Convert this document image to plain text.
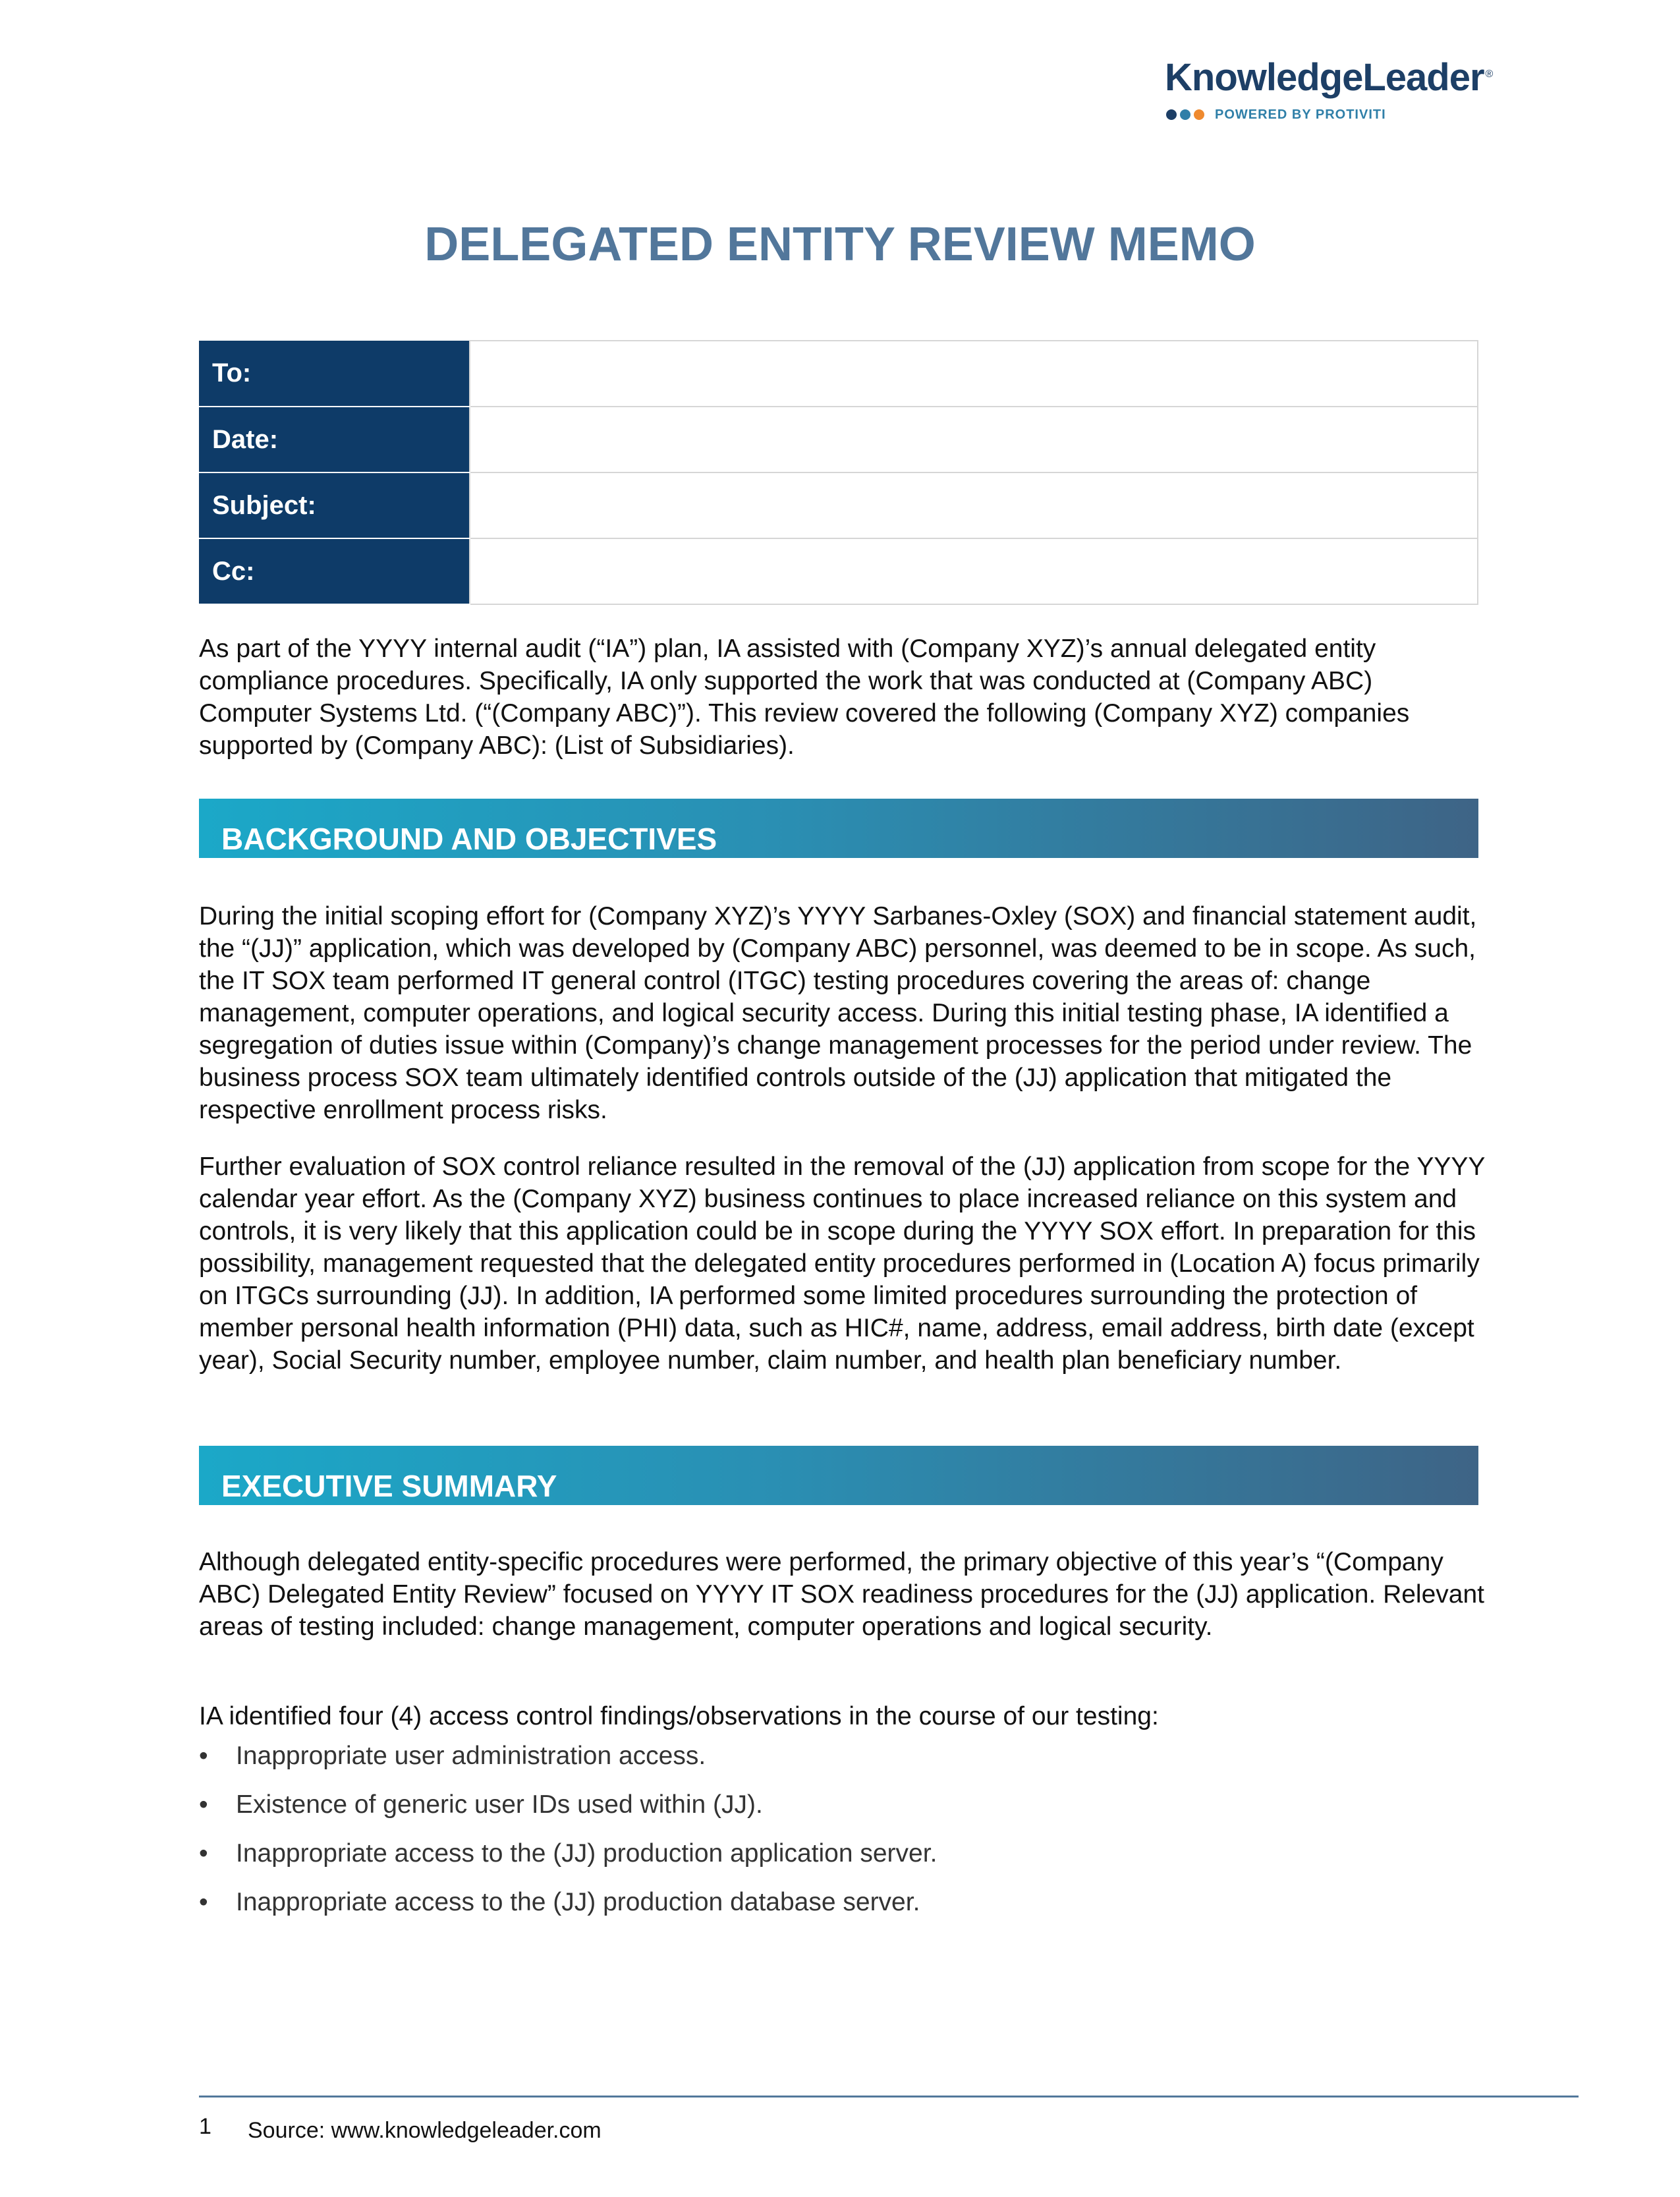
KnowledgeLeader ®
POWERED BY PROTIVITI
DELEGATED ENTITY REVIEW MEMO
To:	
Date:	
Subject:	
Cc:	

As part of the YYYY internal audit (“IA”) plan, IA assisted with (Company XYZ)’s annual delegated entity compliance procedures. Specifically, IA only supported the work that was conducted at (Company ABC) Computer Systems Ltd. (“(Company ABC)”). This review covered the following (Company XYZ) companies supported by (Company ABC): (List of Subsidiaries).

BACKGROUND AND OBJECTIVES

During the initial scoping effort for (Company XYZ)’s YYYY Sarbanes-Oxley (SOX) and financial statement audit, the “(JJ)” application, which was developed by (Company ABC) personnel, was deemed to be in scope. As such, the IT SOX team performed IT general control (ITGC) testing procedures covering the areas of: change management, computer operations, and logical security access. During this initial testing phase, IA identified a segregation of duties issue within (Company)’s change management processes for the period under review. The business process SOX team ultimately identified controls outside of the (JJ) application that mitigated the respective enrollment process risks.

Further evaluation of SOX control reliance resulted in the removal of the (JJ) application from scope for the YYYY calendar year effort. As the (Company XYZ) business continues to place increased reliance on this system and controls, it is very likely that this application could be in scope during the YYYY SOX effort. In preparation for this possibility, management requested that the delegated entity procedures performed in (Location A) focus primarily on ITGCs surrounding (JJ). In addition, IA performed some limited procedures surrounding the protection of member personal health information (PHI) data, such as HIC#, name, address, email address, birth date (except year), Social Security number, employee number, claim number, and health plan beneficiary number.

EXECUTIVE SUMMARY

Although delegated entity-specific procedures were performed, the primary objective of this year’s “(Company ABC) Delegated Entity Review” focused on YYYY IT SOX readiness procedures for the (JJ) application. Relevant areas of testing included: change management, computer operations and logical security.

IA identified four (4) access control findings/observations in the course of our testing:

• Inappropriate user administration access.
• Existence of generic user IDs used within (JJ).
• Inappropriate access to the (JJ) production application server.
• Inappropriate access to the (JJ) production database server.
1 Source: www.knowledgeleader.com
